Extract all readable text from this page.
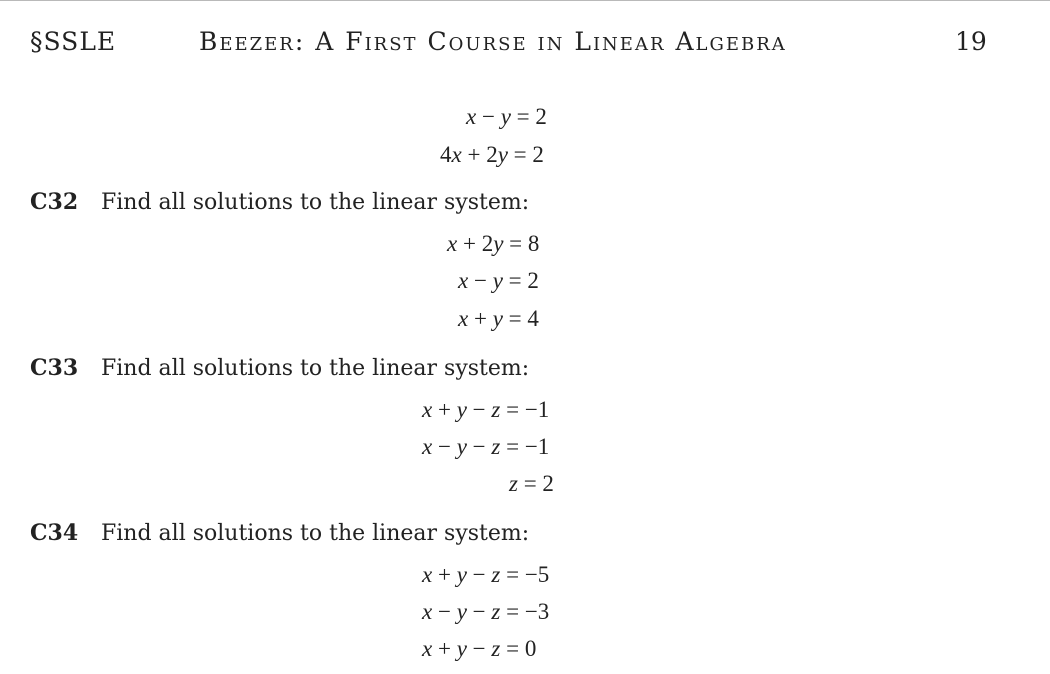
§SSLE	Beezer: A First Course in Linear Algebra	19
x − y = 2
4x + 2y = 2
C32 Find all solutions to the linear system:
x + 2y = 8
x − y = 2
x + y = 4
C33 Find all solutions to the linear system:
x + y − z = −1
x − y − z = −1
z = 2
C34 Find all solutions to the linear system:
x + y − z = −5
x − y − z = −3
x + y − z = 0
